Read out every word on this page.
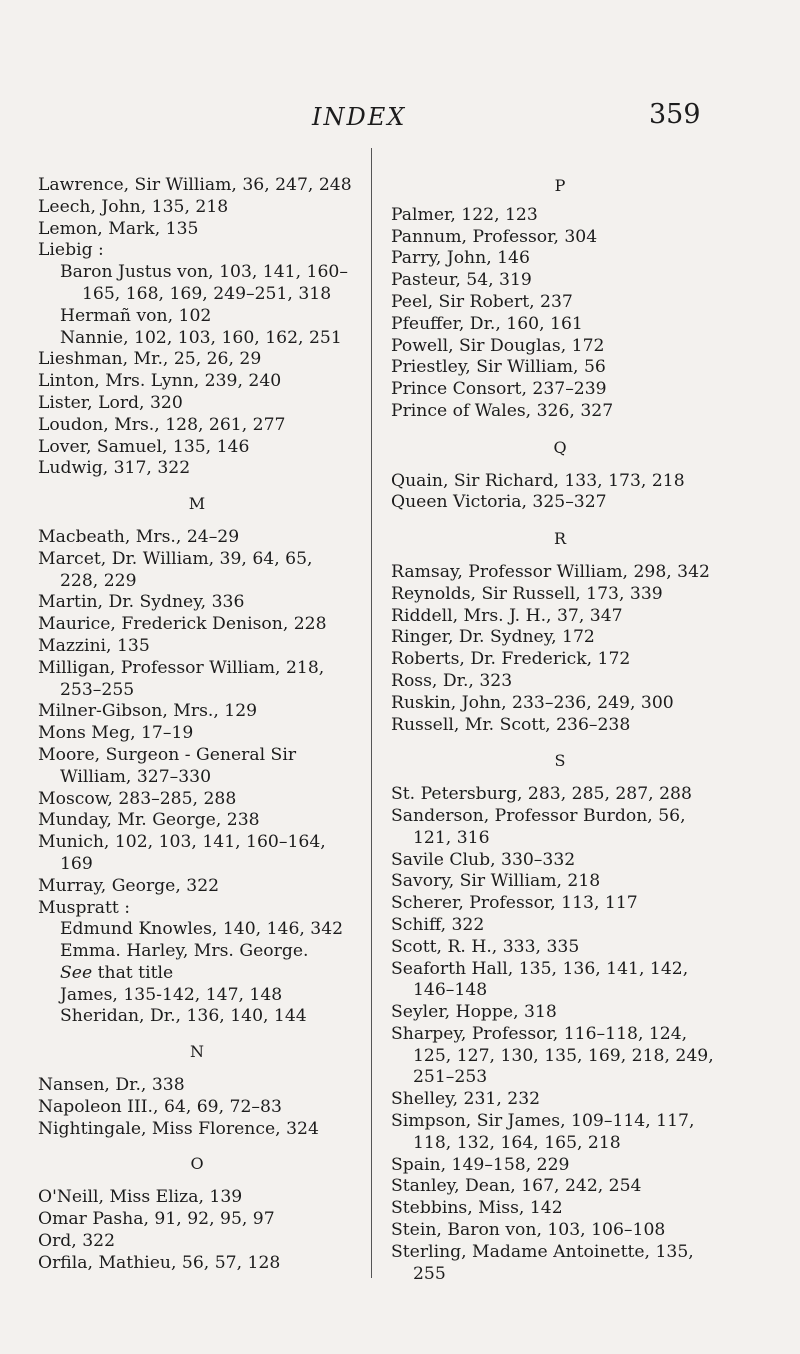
INDEX	359
Lawrence, Sir William, 36, 247, 248
Leech, John, 135, 218
Lemon, Mark, 135
Liebig :
Baron Justus von, 103, 141, 160–165, 168, 169, 249–251, 318
Hermañ von, 102
Nannie, 102, 103, 160, 162, 251
Lieshman, Mr., 25, 26, 29
Linton, Mrs. Lynn, 239, 240
Lister, Lord, 320
Loudon, Mrs., 128, 261, 277
Lover, Samuel, 135, 146
Ludwig, 317, 322
M
Macbeath, Mrs., 24–29
Marcet, Dr. William, 39, 64, 65, 228, 229
Martin, Dr. Sydney, 336
Maurice, Frederick Denison, 228
Mazzini, 135
Milligan, Professor William, 218, 253–255
Milner-Gibson, Mrs., 129
Mons Meg, 17–19
Moore, Surgeon - General Sir William, 327–330
Moscow, 283–285, 288
Munday, Mr. George, 238
Munich, 102, 103, 141, 160–164, 169
Murray, George, 322
Muspratt :
Edmund Knowles, 140, 146, 342
Emma. Harley, Mrs. George.
See that title
James, 135-142, 147, 148
Sheridan, Dr., 136, 140, 144
N
Nansen, Dr., 338
Napoleon III., 64, 69, 72–83
Nightingale, Miss Florence, 324
O
O'Neill, Miss Eliza, 139
Omar Pasha, 91, 92, 95, 97
Ord, 322
Orfila, Mathieu, 56, 57, 128
P
Palmer, 122, 123
Pannum, Professor, 304
Parry, John, 146
Pasteur, 54, 319
Peel, Sir Robert, 237
Pfeuffer, Dr., 160, 161
Powell, Sir Douglas, 172
Priestley, Sir William, 56
Prince Consort, 237–239
Prince of Wales, 326, 327
Q
Quain, Sir Richard, 133, 173, 218
Queen Victoria, 325–327
R
Ramsay, Professor William, 298, 342
Reynolds, Sir Russell, 173, 339
Riddell, Mrs. J. H., 37, 347
Ringer, Dr. Sydney, 172
Roberts, Dr. Frederick, 172
Ross, Dr., 323
Ruskin, John, 233–236, 249, 300
Russell, Mr. Scott, 236–238
S
St. Petersburg, 283, 285, 287, 288
Sanderson, Professor Burdon, 56, 121, 316
Savile Club, 330–332
Savory, Sir William, 218
Scherer, Professor, 113, 117
Schiff, 322
Scott, R. H., 333, 335
Seaforth Hall, 135, 136, 141, 142, 146–148
Seyler, Hoppe, 318
Sharpey, Professor, 116–118, 124, 125, 127, 130, 135, 169, 218, 249, 251–253
Shelley, 231, 232
Simpson, Sir James, 109–114, 117, 118, 132, 164, 165, 218
Spain, 149–158, 229
Stanley, Dean, 167, 242, 254
Stebbins, Miss, 142
Stein, Baron von, 103, 106–108
Sterling, Madame Antoinette, 135, 255
